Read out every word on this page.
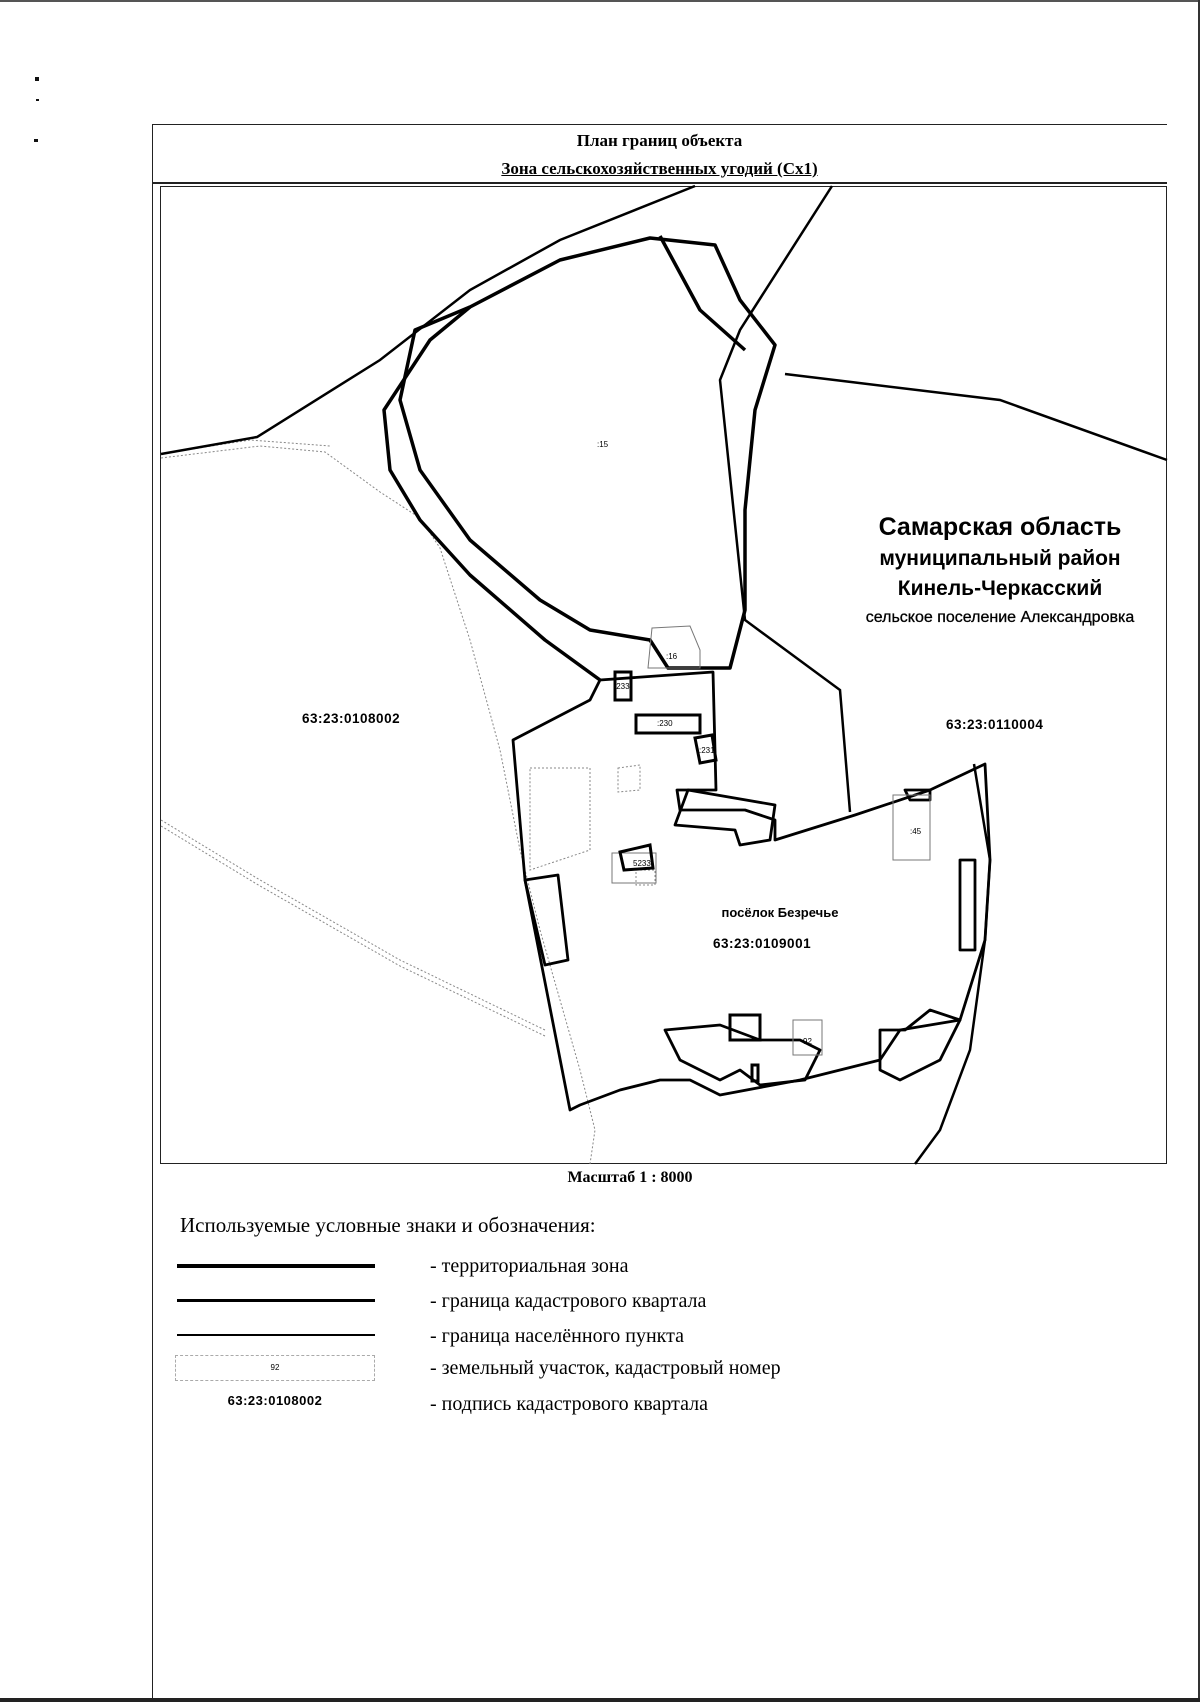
План границ объекта
Зона сельскохозяйственных угодий (Сх1)
:15
:16
:233
:230
:231
5233
:45
92
Самарская область
муниципальный район
Кинель-Черкасский
сельское поселение Александровка
63:23:0108002	63:23:0110004
посёлок Безречье
63:23:0109001
Масштаб 1 : 8000
Используемые условные знаки и обозначения:
- территориальная зона
- граница кадастрового квартала
- граница населённого пункта
92	- земельный участок, кадастровый номер
63:23:0108002	- подпись кадастрового квартала
